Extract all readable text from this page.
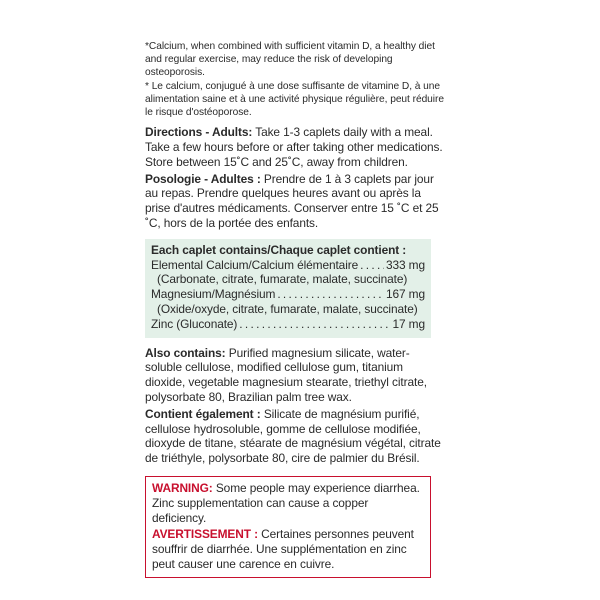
*Calcium, when combined with sufficient vitamin D, a healthy diet and regular exercise, may reduce the risk of developing osteoporosis.
* Le calcium, conjugué à une dose suffisante de vitamine D, à une alimentation saine et à une activité physique régulière, peut réduire le risque d'ostéoporose.
Directions - Adults: Take 1-3 caplets daily with a meal. Take a few hours before or after taking other medications. Store between 15˚C and 25˚C, away from children.
Posologie - Adultes : Prendre de 1 à 3 caplets par jour au repas. Prendre quelques heures avant ou après la prise d'autres médicaments. Conserver entre 15 ˚C et 25 ˚C, hors de la portée des enfants.
Each caplet contains/Chaque caplet contient :
Elemental Calcium/Calcium élémentaire . . . 333 mg
(Carbonate, citrate, fumarate, malate, succinate)
Magnesium/Magnésium . . .	167 mg
(Oxide/oxyde, citrate, fumarate, malate, succinate)
Zinc (Gluconate) . . .	17 mg
Also contains: Purified magnesium silicate, water-soluble cellulose, modified cellulose gum, titanium dioxide, vegetable magnesium stearate, triethyl citrate, polysorbate 80, Brazilian palm tree wax.
Contient également : Silicate de magnésium purifié, cellulose hydrosoluble, gomme de cellulose modifiée, dioxyde de titane, stéarate de magnésium végétal, citrate de triéthyle, polysorbate 80, cire de palmier du Brésil.
WARNING: Some people may experience diarrhea. Zinc supplementation can cause a copper deficiency.
AVERTISSEMENT : Certaines personnes peuvent souffrir de diarrhée. Une supplémentation en zinc peut causer une carence en cuivre.
